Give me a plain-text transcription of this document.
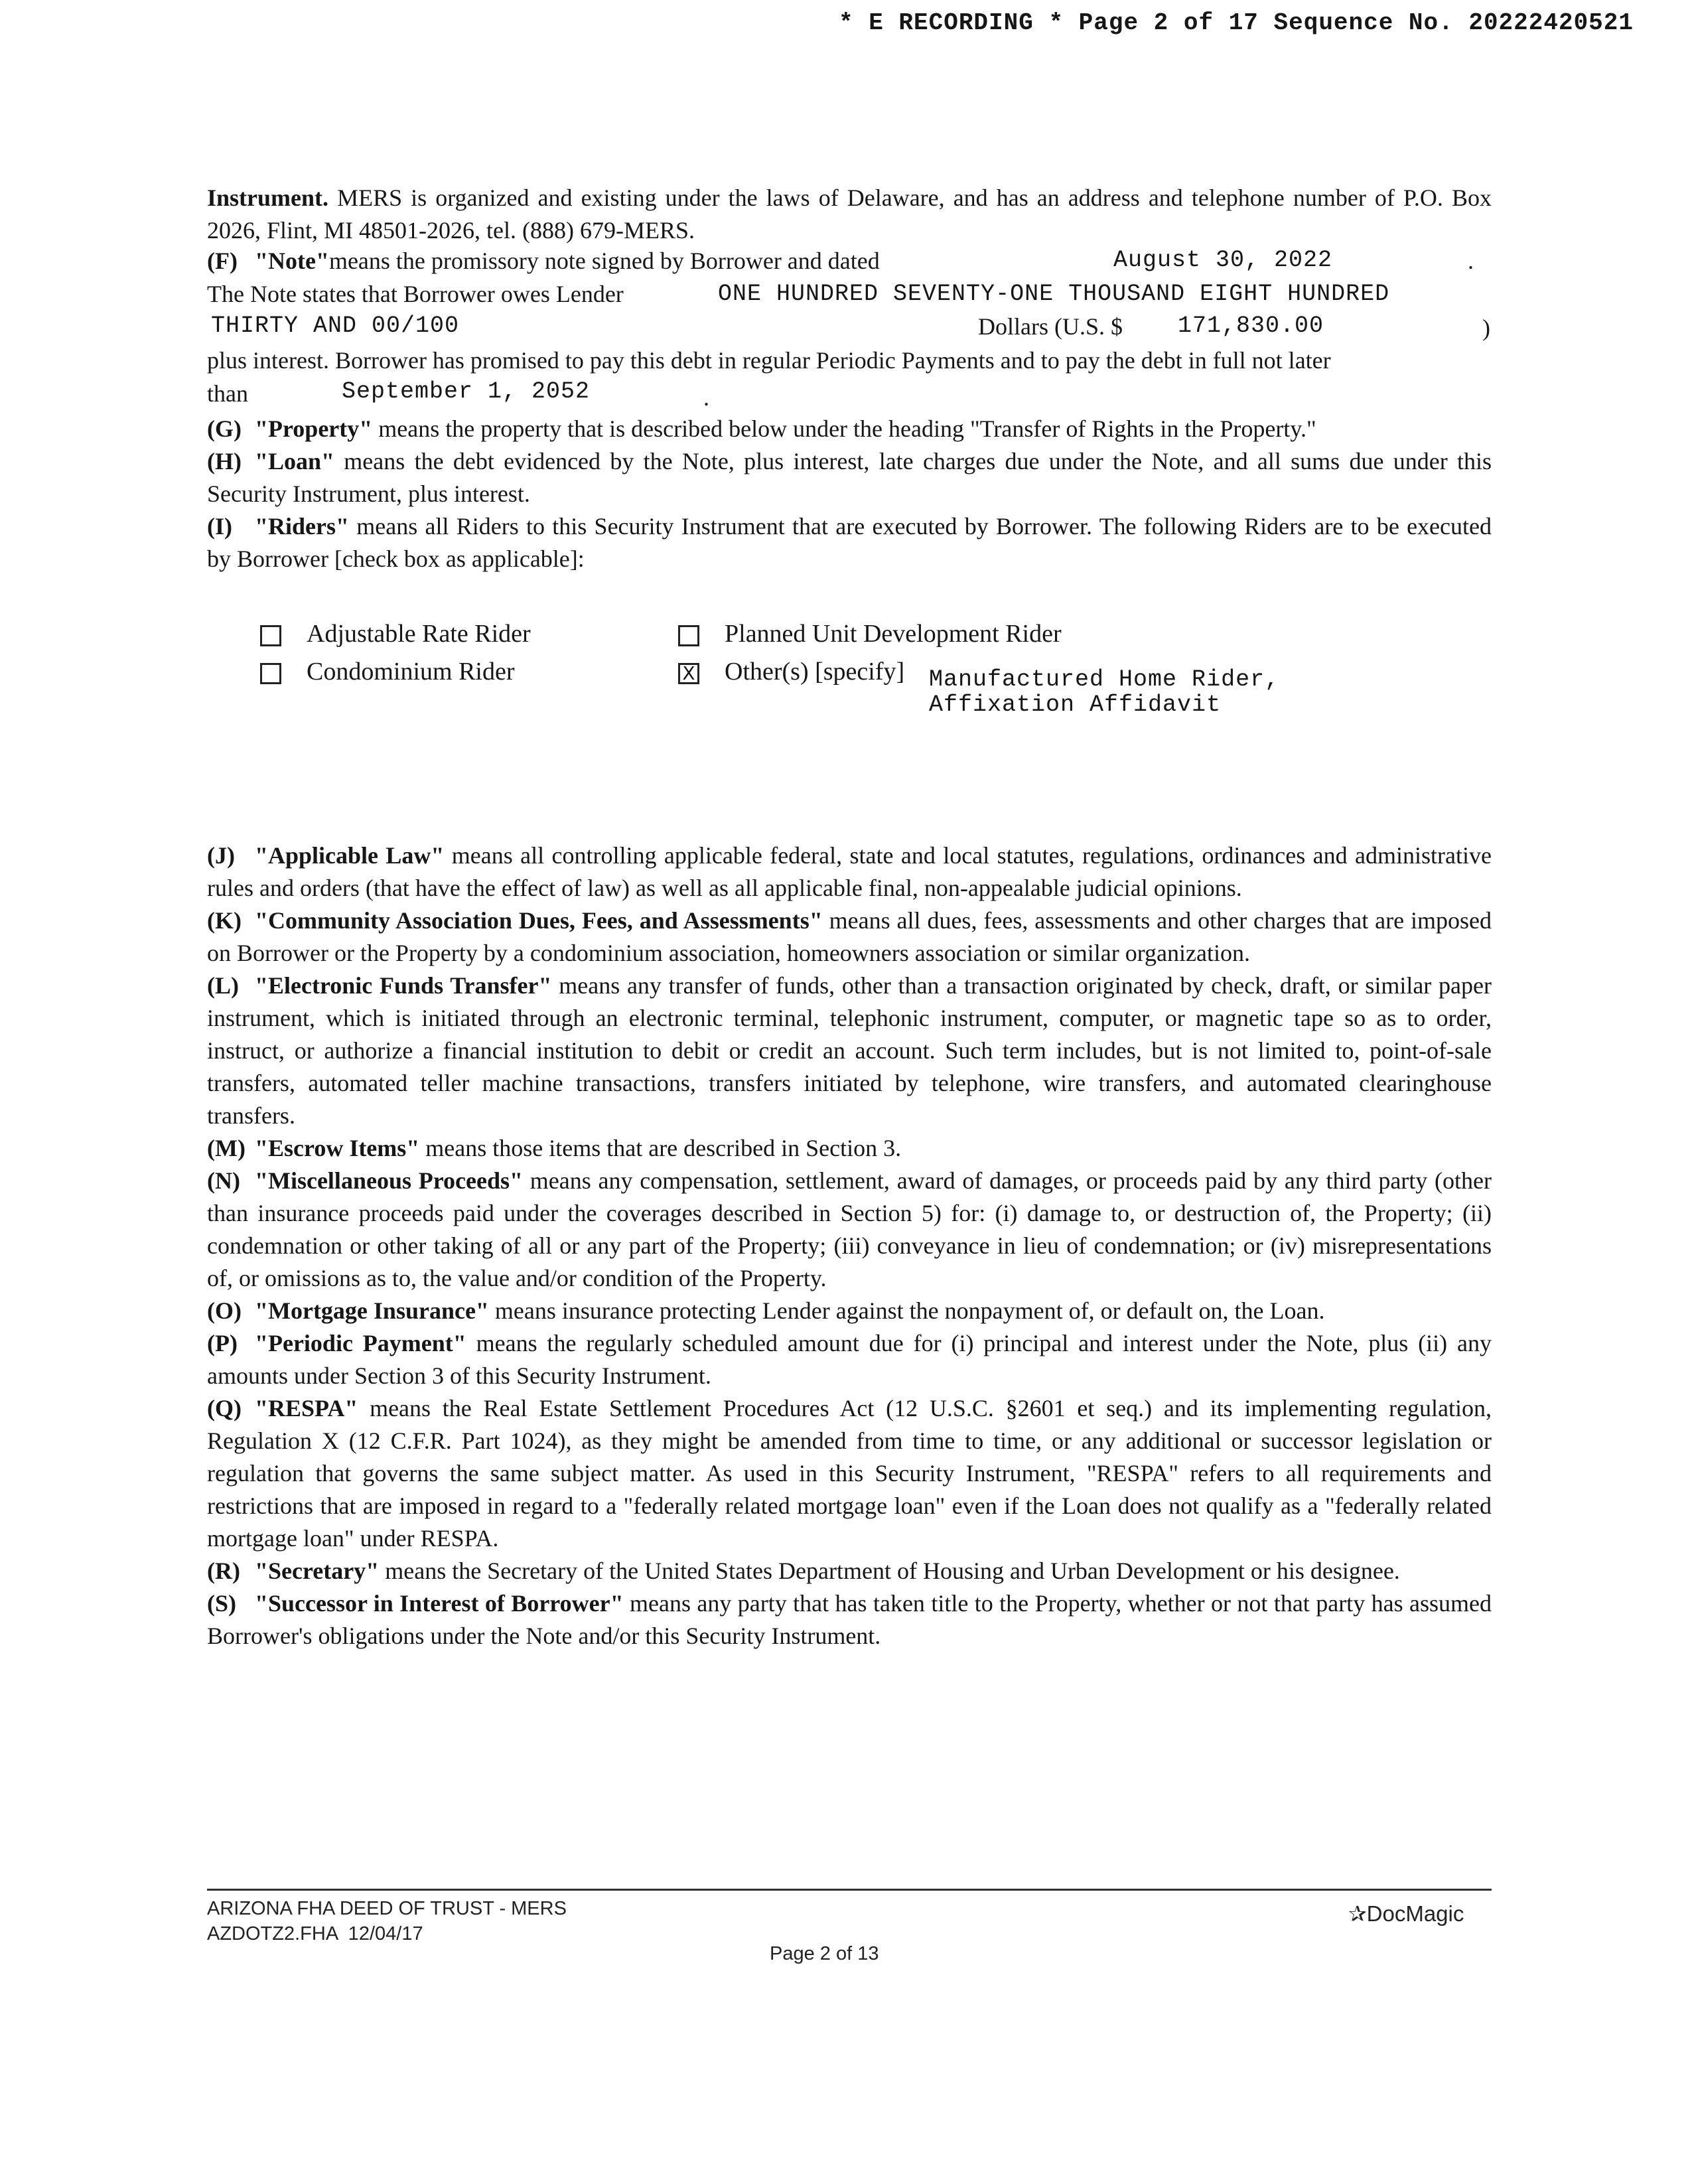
* E RECORDING * Page 2 of 17 Sequence No. 20222420521

Instrument. MERS is organized and existing under the laws of Delaware, and has an address and telephone number of P.O. Box 2026, Flint, MI 48501-2026, tel. (888) 679-MERS.

(F) "Note"means the promissory note signed by Borrower and dated	August 30, 2022	.
The Note states that Borrower owes Lender	ONE HUNDRED SEVENTY-ONE THOUSAND EIGHT HUNDRED
THIRTY AND 00/100	Dollars (U.S. $ 171,830.00	)
plus interest. Borrower has promised to pay this debt in regular Periodic Payments and to pay the debt in full not later
than	September 1, 2052	.

(G) "Property" means the property that is described below under the heading "Transfer of Rights in the Property."

(H) "Loan" means the debt evidenced by the Note, plus interest, late charges due under the Note, and all sums due under this Security Instrument, plus interest.

(I) "Riders" means all Riders to this Security Instrument that are executed by Borrower. The following Riders are to be executed by Borrower [check box as applicable]:

Adjustable Rate Rider
Condominium Rider
Planned Unit Development Rider
X Other(s) [specify] Manufactured Home Rider,
Affixation Affidavit

(J) "Applicable Law" means all controlling applicable federal, state and local statutes, regulations, ordinances and administrative rules and orders (that have the effect of law) as well as all applicable final, non-appealable judicial opinions.

(K) "Community Association Dues, Fees, and Assessments" means all dues, fees, assessments and other charges that are imposed on Borrower or the Property by a condominium association, homeowners association or similar organization.

(L) "Electronic Funds Transfer" means any transfer of funds, other than a transaction originated by check, draft, or similar paper instrument, which is initiated through an electronic terminal, telephonic instrument, computer, or magnetic tape so as to order, instruct, or authorize a financial institution to debit or credit an account. Such term includes, but is not limited to, point-of-sale transfers, automated teller machine transactions, transfers initiated by telephone, wire transfers, and automated clearinghouse transfers.

(M) "Escrow Items" means those items that are described in Section 3.

(N) "Miscellaneous Proceeds" means any compensation, settlement, award of damages, or proceeds paid by any third party (other than insurance proceeds paid under the coverages described in Section 5) for: (i) damage to, or destruction of, the Property; (ii) condemnation or other taking of all or any part of the Property; (iii) conveyance in lieu of condemnation; or (iv) misrepresentations of, or omissions as to, the value and/or condition of the Property.

(O) "Mortgage Insurance" means insurance protecting Lender against the nonpayment of, or default on, the Loan.

(P) "Periodic Payment" means the regularly scheduled amount due for (i) principal and interest under the Note, plus (ii) any amounts under Section 3 of this Security Instrument.

(Q) "RESPA" means the Real Estate Settlement Procedures Act (12 U.S.C. §2601 et seq.) and its implementing regulation, Regulation X (12 C.F.R. Part 1024), as they might be amended from time to time, or any additional or successor legislation or regulation that governs the same subject matter. As used in this Security Instrument, "RESPA" refers to all requirements and restrictions that are imposed in regard to a "federally related mortgage loan" even if the Loan does not qualify as a "federally related mortgage loan" under RESPA.

(R) "Secretary" means the Secretary of the United States Department of Housing and Urban Development or his designee.

(S) "Successor in Interest of Borrower" means any party that has taken title to the Property, whether or not that party has assumed Borrower's obligations under the Note and/or this Security Instrument.

ARIZONA FHA DEED OF TRUST - MERS
AZDOTZ2.FHA  12/04/17
✰DocMagic
Page 2 of 13
